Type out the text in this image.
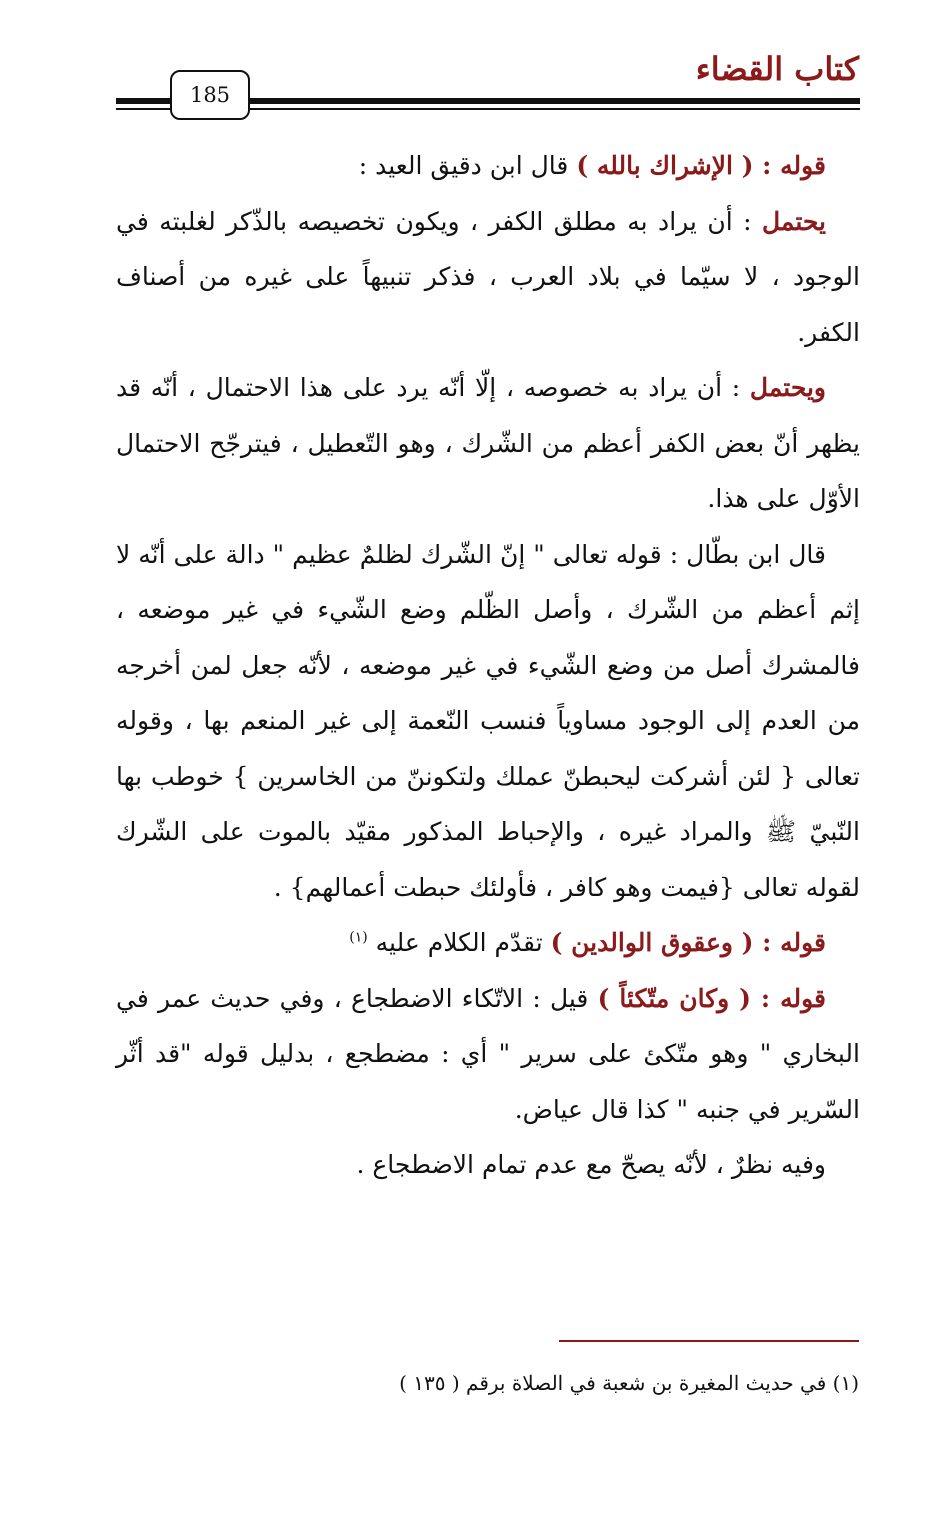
كتاب القضاء
185

قوله : ( الإشراك بالله ) قال ابن دقيق العيد :

يحتمل : أن يراد به مطلق الكفر ، ويكون تخصيصه بالذّكر لغلبته في الوجود ، لا سيّما في بلاد العرب ، فذكر تنبيهاً على غيره من أصناف الكفر.

ويحتمل : أن يراد به خصوصه ، إلّا أنّه يرد على هذا الاحتمال ، أنّه قد يظهر أنّ بعض الكفر أعظم من الشّرك ، وهو التّعطيل ، فيترجّح الاحتمال الأوّل على هذا.

قال ابن بطّال : قوله تعالى " إنّ الشّرك لظلمٌ عظيم " دالة على أنّه لا إثم أعظم من الشّرك ، وأصل الظّلم وضع الشّيء في غير موضعه ، فالمشرك أصل من وضع الشّيء في غير موضعه ، لأنّه جعل لمن أخرجه من العدم إلى الوجود مساوياً فنسب النّعمة إلى غير المنعم بها ، وقوله تعالى { لئن أشركت ليحبطنّ عملك ولتكوننّ من الخاسرين } خوطب بها النّبيّ ﷺ والمراد غيره ، والإحباط المذكور مقيّد بالموت على الشّرك لقوله تعالى {فيمت وهو كافر ، فأولئك حبطت أعمالهم} .

قوله : ( وعقوق الوالدين ) تقدّم الكلام عليه $^{(١)}$

قوله : ( وكان متّكئاً ) قيل : الاتّكاء الاضطجاع ، وفي حديث عمر في البخاري " وهو متّكئ على سرير " أي : مضطجع ، بدليل قوله "قد أثّر السّرير في جنبه " كذا قال عياض.

وفيه نظرٌ ، لأنّه يصحّ مع عدم تمام الاضطجاع .

(١) في حديث المغيرة بن شعبة في الصلاة برقم ( ١٣٥ )
